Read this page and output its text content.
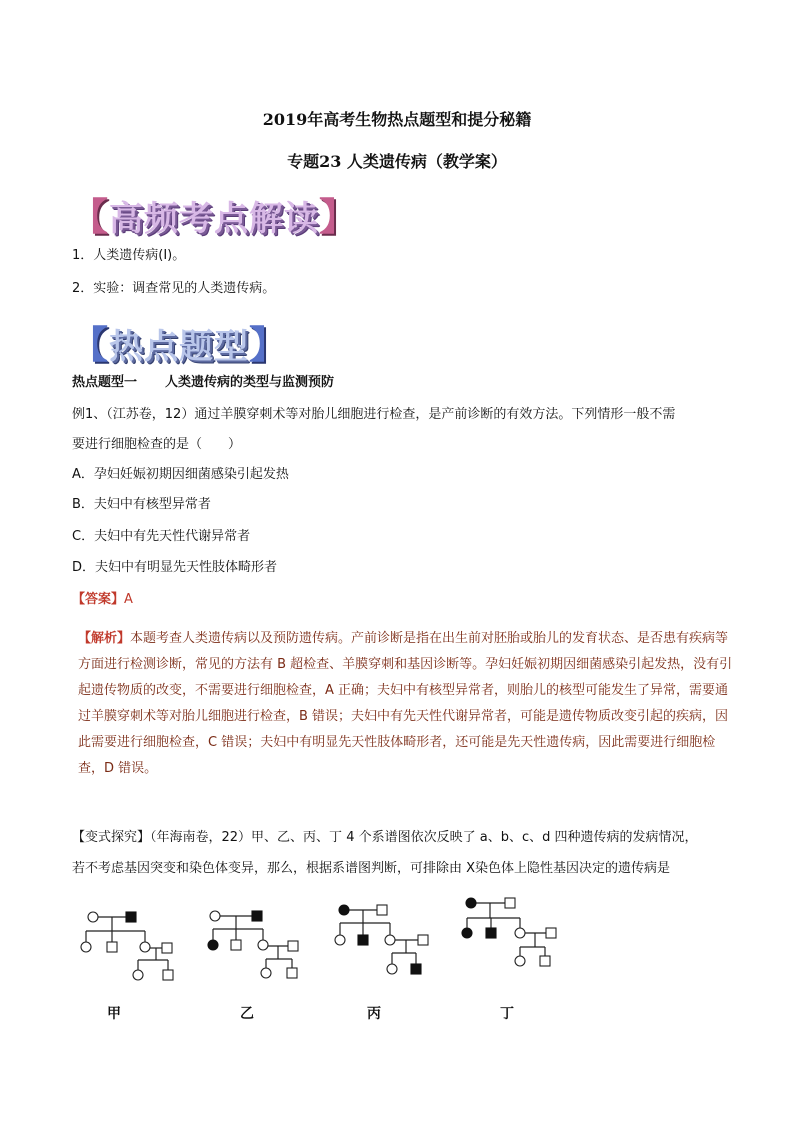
2019年高考生物热点题型和提分秘籍
专题23 人类遗传病（教学案）
【高频考点解读】
1．人类遗传病(Ⅰ)。
2．实验：调查常见的人类遗传病。
【热点题型】
热点题型一 人类遗传病的类型与监测预防
例1、（江苏卷，12）通过羊膜穿刺术等对胎儿细胞进行检查，是产前诊断的有效方法。下列情形一般不需
要进行细胞检查的是（　　）
A．孕妇妊娠初期因细菌感染引起发热
B．夫妇中有核型异常者
C．夫妇中有先天性代谢异常者
D．夫妇中有明显先天性肢体畸形者
【答案】A
【解析】本题考查人类遗传病以及预防遗传病。产前诊断是指在出生前对胚胎或胎儿的发育状态、是否患有疾病等方面进行检测诊断，常见的方法有 B 超检查、羊膜穿刺和基因诊断等。孕妇妊娠初期因细菌感染引起发热，没有引起遗传物质的改变，不需要进行细胞检查，A 正确；夫妇中有核型异常者，则胎儿的核型可能发生了异常，需要通过羊膜穿刺术等对胎儿细胞进行检查，B 错误；夫妇中有先天性代谢异常者，可能是遗传物质改变引起的疾病，因此需要进行细胞检查，C 错误；夫妇中有明显先天性肢体畸形者，还可能是先天性遗传病，因此需要进行细胞检查，D 错误。
【变式探究】（年海南卷，22）甲、乙、丙、丁 4 个系谱图依次反映了 a、b、c、d 四种遗传病的发病情况，
若不考虑基因突变和染色体变异，那么，根据系谱图判断，可排除由 X染色体上隐性基因决定的遗传病是
甲	乙	丙	丁
